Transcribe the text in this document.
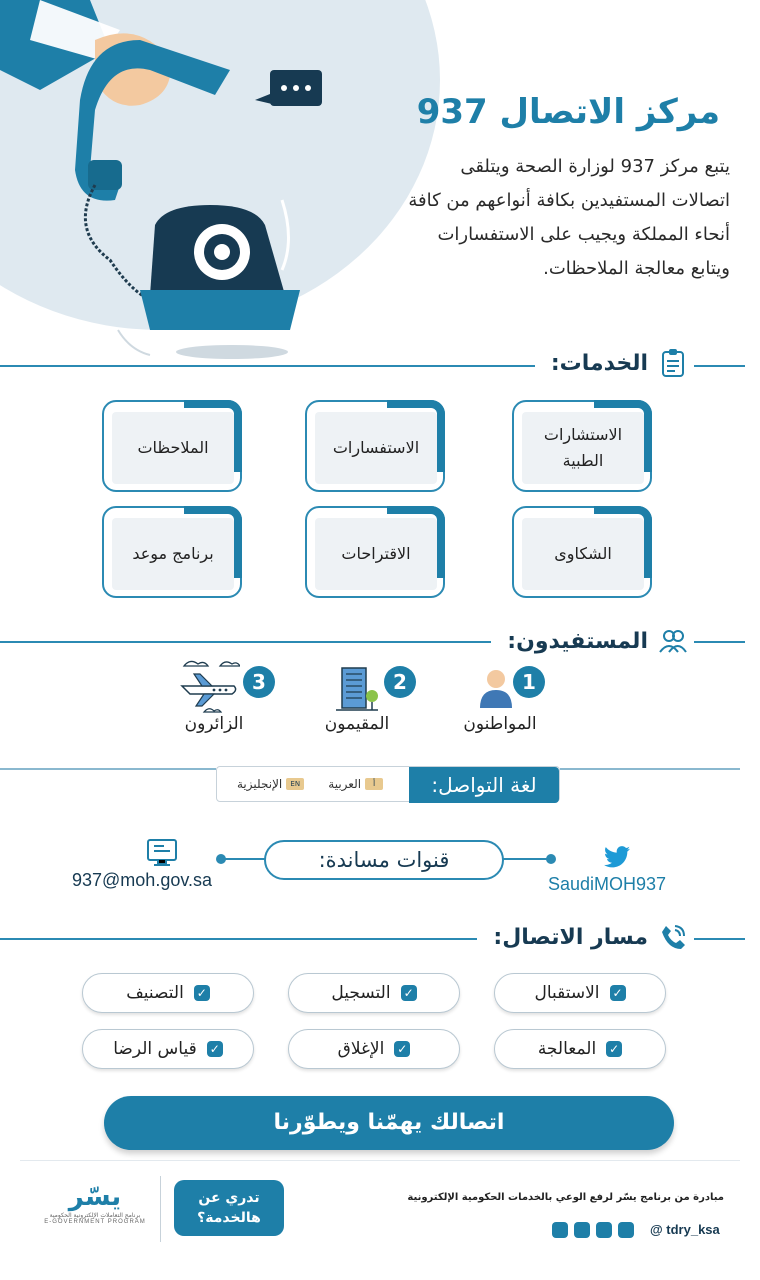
مركز الاتصال 937

يتبع مركز 937 لوزارة الصحة ويتلقى اتصالات المستفيدين بكافة أنواعهم من كافة أنحاء المملكة ويجيب على الاستفسارات ويتابع معالجة الملاحظات.

الخدمات:
الاستشارات الطبية
الاستفسارات
الملاحظات
الشكاوى
الاقتراحات
برنامج موعد
المستفيدون:
1
المواطنون
2
المقيمون
3
الزائرون
لغة التواصل:
أ
العربية
EN
الإنجليزية
قنوات مساندة:
SaudiMOH937
937@moh.gov.sa
مسار الاتصال:
✓
الاستقبال
✓
التسجيل
✓
التصنيف
✓
المعالجة
✓
الإغلاق
✓
قياس الرضا
اتصالك يهمّنا ويطوّرنا
مبادرة من برنامج يسّر لرفع الوعي بالخدمات الحكومية الإلكترونية
@ tdry_ksa
تدري عن هالخدمة؟
يسّر
برنامج التعاملات الإلكترونية الحكومية
E-GOVERNMENT PROGRAM
